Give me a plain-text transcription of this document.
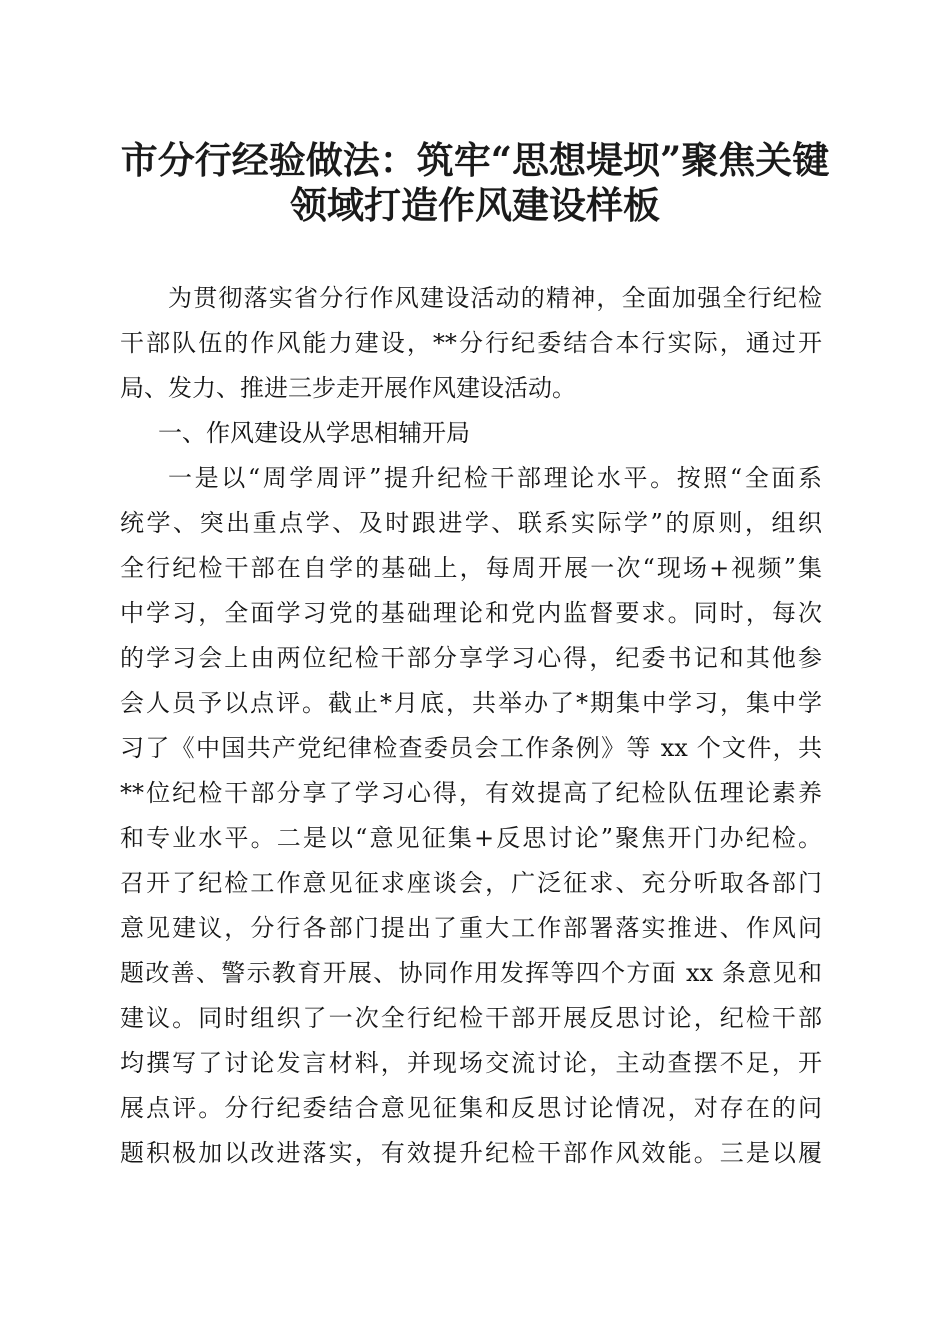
市分行经验做法：筑牢“思想堤坝”聚焦关键
领域打造作风建设样板
为贯彻落实省分行作风建设活动的精神，全面加强全行纪检
干部队伍的作风能力建设，**分行纪委结合本行实际，通过开
局、发力、推进三步走开展作风建设活动。
一、作风建设从学思相辅开局
一是以“周学周评”提升纪检干部理论水平。按照“全面系
统学、突出重点学、及时跟进学、联系实际学”的原则，组织
全行纪检干部在自学的基础上，每周开展一次“现场+视频”集
中学习，全面学习党的基础理论和党内监督要求。同时，每次
的学习会上由两位纪检干部分享学习心得，纪委书记和其他参
会人员予以点评。截止*月底，共举办了*期集中学习，集中学
习了《中国共产党纪律检查委员会工作条例》等 xx 个文件，共
**位纪检干部分享了学习心得，有效提高了纪检队伍理论素养
和专业水平。二是以“意见征集+反思讨论”聚焦开门办纪检。
召开了纪检工作意见征求座谈会，广泛征求、充分听取各部门
意见建议，分行各部门提出了重大工作部署落实推进、作风问
题改善、警示教育开展、协同作用发挥等四个方面 xx 条意见和
建议。同时组织了一次全行纪检干部开展反思讨论，纪检干部
均撰写了讨论发言材料，并现场交流讨论，主动查摆不足，开
展点评。分行纪委结合意见征集和反思讨论情况，对存在的问
题积极加以改进落实，有效提升纪检干部作风效能。三是以履
